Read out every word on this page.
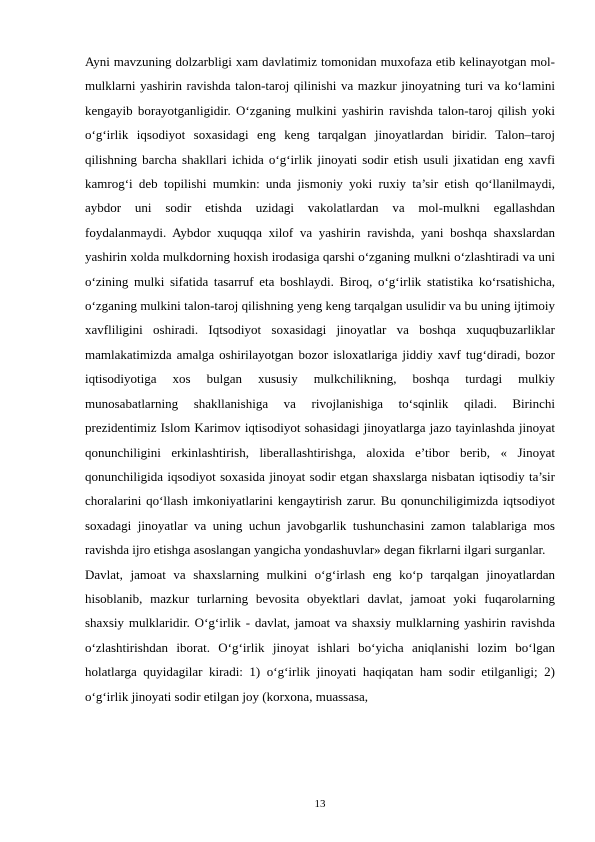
Ayni mavzuning dolzarbligi xam davlatimiz tomonidan muxofaza etib kelinayotgan mol-mulklarni yashirin ravishda talon-taroj qilinishi va mazkur jinoyatning turi va ko‘lamini kengayib borayotganligidir. O‘zganing mulkini yashirin ravishda talon-taroj qilish yoki o‘g‘irlik iqsodiyot soxasidagi eng keng tarqalgan jinoyatlardan biridir. Talon–taroj qilishning barcha shakllari ichida o‘g‘irlik jinoyati sodir etish usuli jixatidan eng xavfi kamrog‘i deb topilishi mumkin: unda jismoniy yoki ruxiy ta’sir etish qo‘llanilmaydi, aybdor uni sodir etishda uzidagi vakolatlardan va mol-mulkni egallashdan foydalanmaydi. Aybdor xuquqqa xilof va yashirin ravishda, yani boshqa shaxslardan yashirin xolda mulkdorning hoxish irodasiga qarshi o‘zganing mulkni o‘zlashtiradi va uni o‘zining mulki sifatida tasarruf eta boshlaydi. Biroq, o‘g‘irlik statistika ko‘rsatishicha, o‘zganing mulkini talon-taroj qilishning yeng keng tarqalgan usulidir va bu uning ijtimoiy xavfliligini oshiradi. Iqtsodiyot soxasidagi jinoyatlar va boshqa xuquqbuzarliklar mamlakatimizda amalga oshirilayotgan bozor isloxatlariga jiddiy xavf tug‘diradi, bozor iqtisodiyotiga xos bulgan xususiy mulkchilikning, boshqa turdagi mulkiy munosabatlarning shakllanishiga va rivojlanishiga to‘sqinlik qiladi. Birinchi prezidentimiz Islom Karimov iqtisodiyot sohasidagi jinoyatlarga jazo tayinlashda jinoyat qonunchiligini erkinlashtirish, liberallashtirishga, aloxida e’tibor berib, « Jinoyat qonunchiligida iqsodiyot soxasida jinoyat sodir etgan shaxslarga nisbatan iqtisodiy ta’sir choralarini qo‘llash imkoniyatlarini kengaytirish zarur. Bu qonunchiligimizda iqtsodiyot soxadagi jinoyatlar va uning uchun javobgarlik tushunchasini zamon talablariga mos ravishda ijro etishga asoslangan yangicha yondashuvlar» degan fikrlarni ilgari surganlar.

Davlat, jamoat va shaxslarning mulkini o‘g‘irlash eng ko‘p tarqalgan jinoyatlardan hisoblanib, mazkur turlarning bevosita obyektlari davlat, jamoat yoki fuqarolarning shaxsiy mulklaridir. O‘g‘irlik - davlat, jamoat va shaxsiy mulklarning yashirin ravishda o‘zlashtirishdan iborat. O‘g‘irlik jinoyat ishlari bo‘yicha aniqlanishi lozim bo‘lgan holatlarga quyidagilar kiradi: 1) o‘g‘irlik jinoyati haqiqatan ham sodir etilganligi; 2) o‘g‘irlik jinoyati sodir etilgan joy (korxona, muassasa,

13
